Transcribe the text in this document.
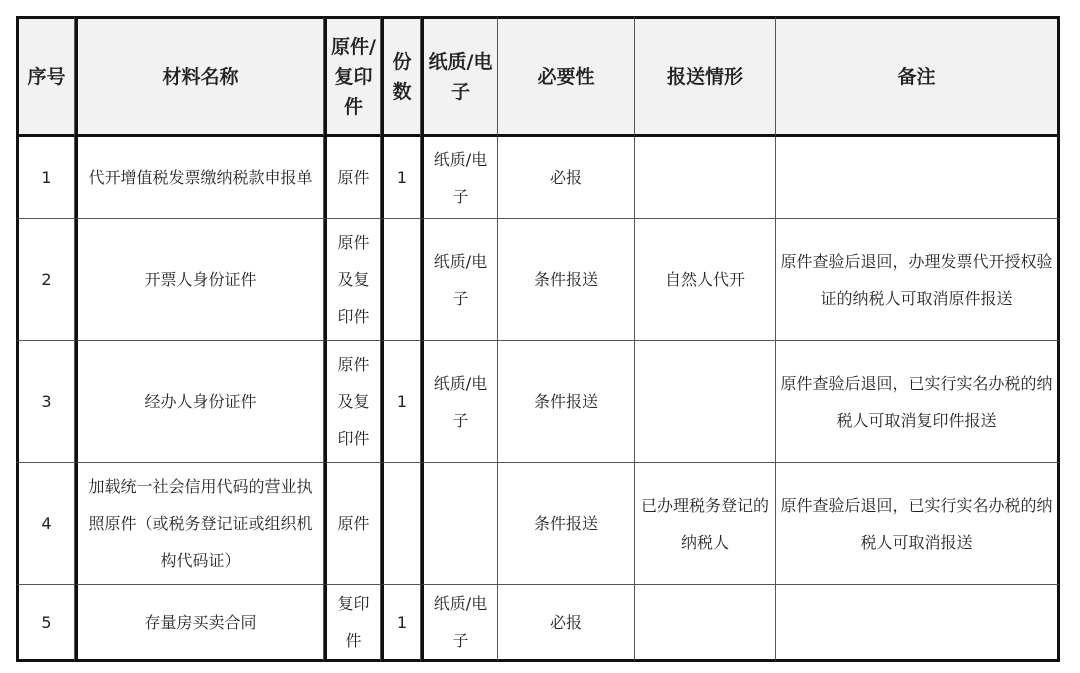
序号	材料名称	原件/复印件	份数	纸质/电子	必要性	报送情形	备注
1	代开增值税发票缴纳税款申报单	原件	1	纸质/电子	必报		
2	开票人身份证件	原件及复印件		纸质/电子	条件报送	自然人代开	原件查验后退回，办理发票代开授权验证的纳税人可取消原件报送
3	经办人身份证件	原件及复印件	1	纸质/电子	条件报送		原件查验后退回，已实行实名办税的纳税人可取消复印件报送
4	加载统一社会信用代码的营业执照原件（或税务登记证或组织机构代码证）	原件			条件报送	已办理税务登记的纳税人	原件查验后退回，已实行实名办税的纳税人可取消报送
5	存量房买卖合同	复印件	1	纸质/电子	必报		
